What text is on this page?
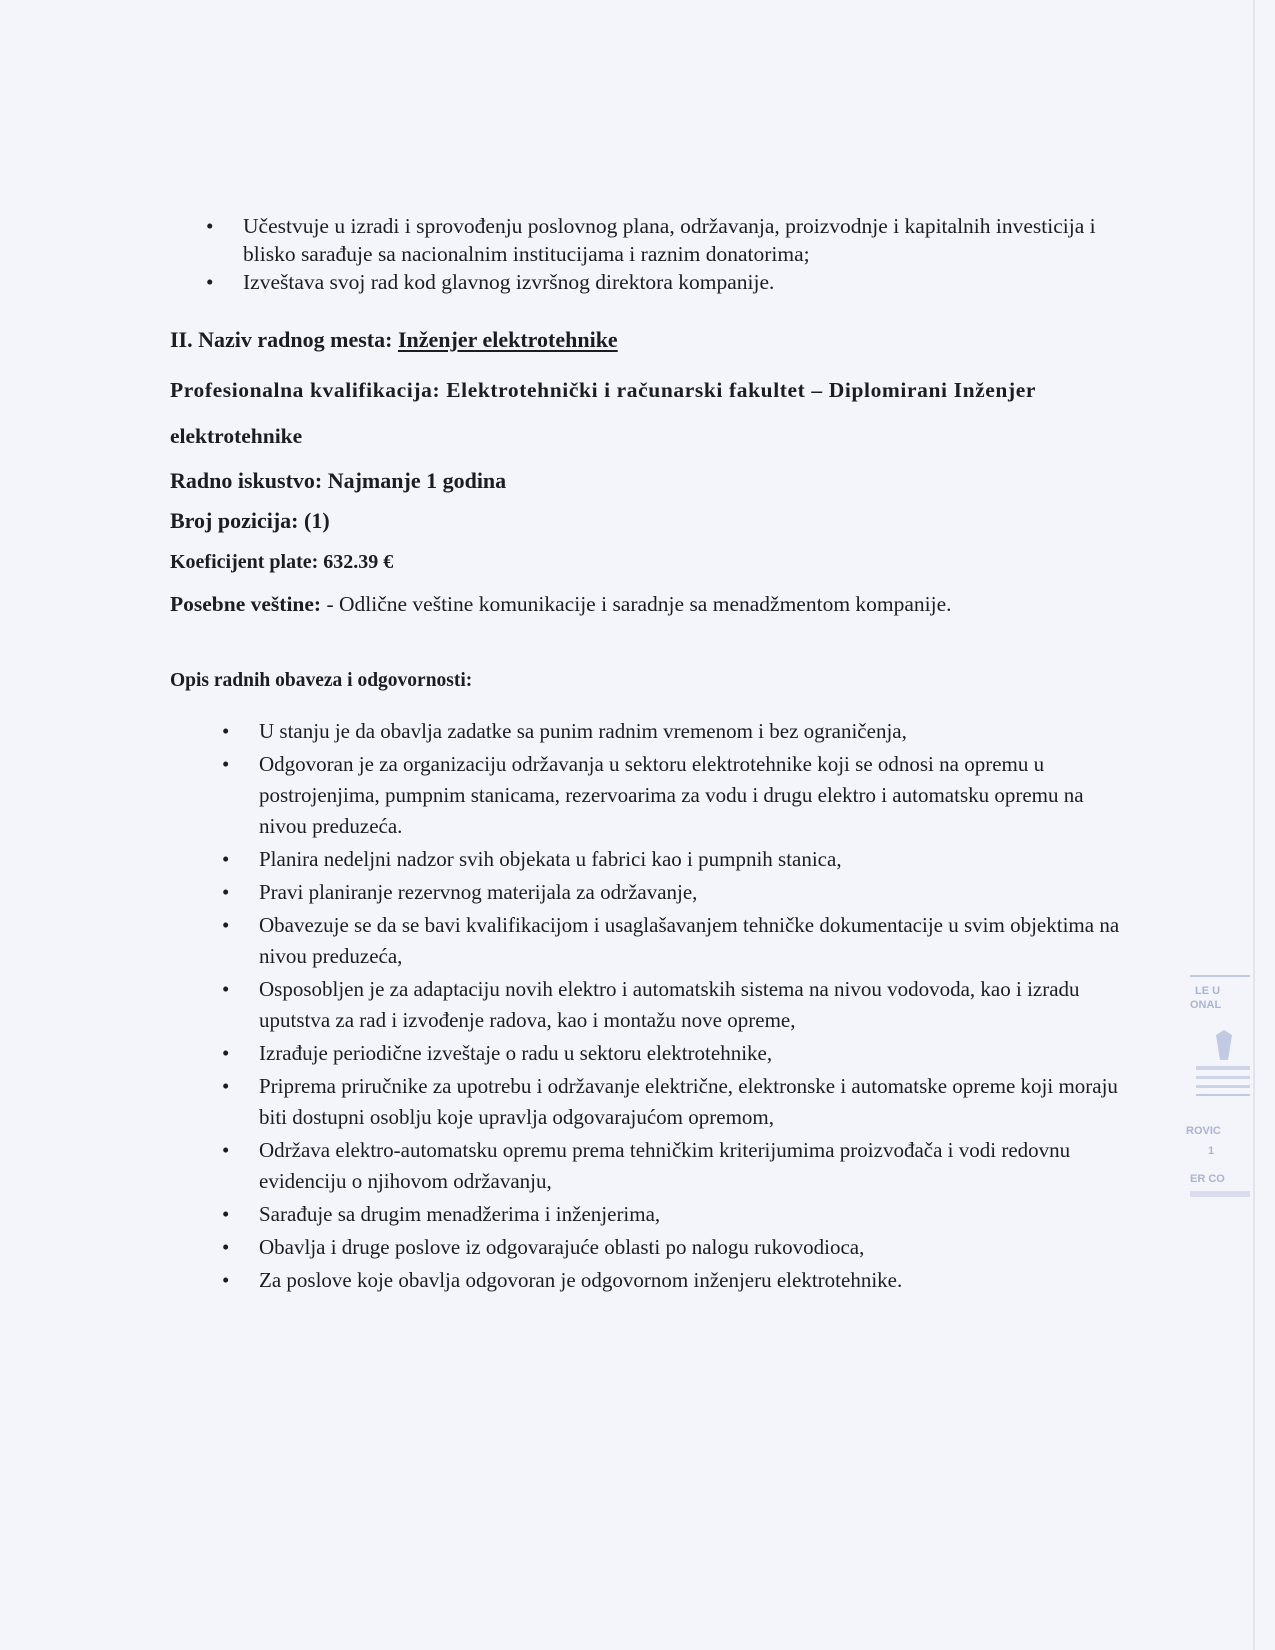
• Učestvuje u izradi i sprovođenju poslovnog plana, održavanja, proizvodnje i kapitalnih investicija i blisko sarađuje sa nacionalnim institucijama i raznim donatorima;
• Izveštava svoj rad kod glavnog izvršnog direktora kompanije.
II. Naziv radnog mesta: Inženjer elektrotehnike
Profesionalna kvalifikacija: Elektrotehnički i računarski fakultet – Diplomirani Inženjer
elektrotehnike
Radno iskustvo: Najmanje 1 godina
Broj pozicija: (1)
Koeficijent plate: 632.39 €
Posebne veštine: - Odlične veštine komunikacije i saradnje sa menadžmentom kompanije.
Opis radnih obaveza i odgovornosti:
• U stanju je da obavlja zadatke sa punim radnim vremenom i bez ograničenja,
• Odgovoran je za organizaciju održavanja u sektoru elektrotehnike koji se odnosi na opremu u postrojenjima, pumpnim stanicama, rezervoarima za vodu i drugu elektro i automatsku opremu na nivou preduzeća.
• Planira nedeljni nadzor svih objekata u fabrici kao i pumpnih stanica,
• Pravi planiranje rezervnog materijala za održavanje,
• Obavezuje se da se bavi kvalifikacijom i usaglašavanjem tehničke dokumentacije u svim objektima na nivou preduzeća,
• Osposobljen je za adaptaciju novih elektro i automatskih sistema na nivou vodovoda, kao i izradu uputstva za rad i izvođenje radova, kao i montažu nove opreme,
• Izrađuje periodične izveštaje o radu u sektoru elektrotehnike,
• Priprema priručnike za upotrebu i održavanje električne, elektronske i automatske opreme koji moraju biti dostupni osoblju koje upravlja odgovarajućom opremom,
• Održava elektro-automatsku opremu prema tehničkim kriterijumima proizvođača i vodi redovnu evidenciju o njihovom održavanju,
• Sarađuje sa drugim menadžerima i inženjerima,
• Obavlja i druge poslove iz odgovarajuće oblasti po nalogu rukovodioca,
• Za poslove koje obavlja odgovoran je odgovornom inženjeru elektrotehnike.
LE U
ONAL
ROVIC
1
ER CO
